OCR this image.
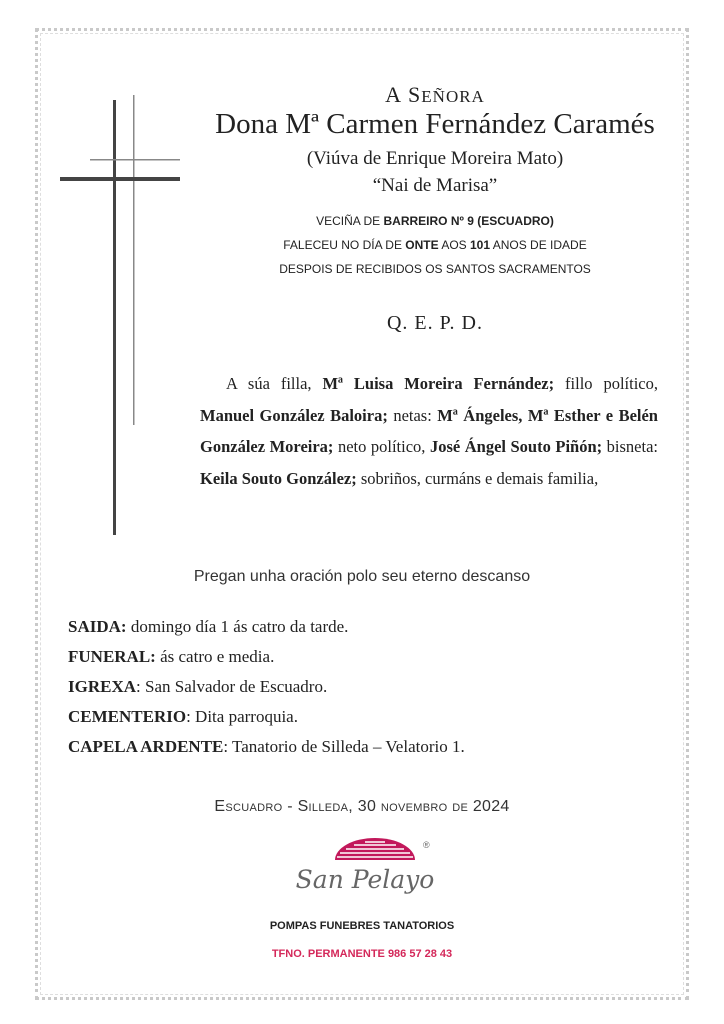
A SEÑORA
Dona Mª Carmen Fernández Caramés
(Viúva de Enrique Moreira Mato)
“Nai de Marisa”
VECIÑA DE BARREIRO Nº 9 (ESCUADRO)
FALECEU NO DÍA DE ONTE AOS 101 ANOS DE IDADE
DESPOIS DE RECIBIDOS OS SANTOS SACRAMENTOS
Q. E. P. D.
A súa filla, Mª Luisa Moreira Fernández; fillo político, Manuel González Baloira; netas: Mª Ángeles, Mª Esther e Belén González Moreira; neto político, José Ángel Souto Piñón; bisneta: Keila Souto González; sobriños, curmáns e demais familia,
Pregan unha oración polo seu eterno descanso
SAIDA: domingo día 1 ás catro da tarde.
FUNERAL: ás catro e media.
IGREXA: San Salvador de Escuadro.
CEMENTERIO: Dita parroquia.
CAPELA ARDENTE: Tanatorio de Silleda – Velatorio 1.
Escuadro - Silleda, 30 novembro de 2024
San Pelayo
®
POMPAS FUNEBRES TANATORIOS
TFNO. PERMANENTE 986 57 28 43
